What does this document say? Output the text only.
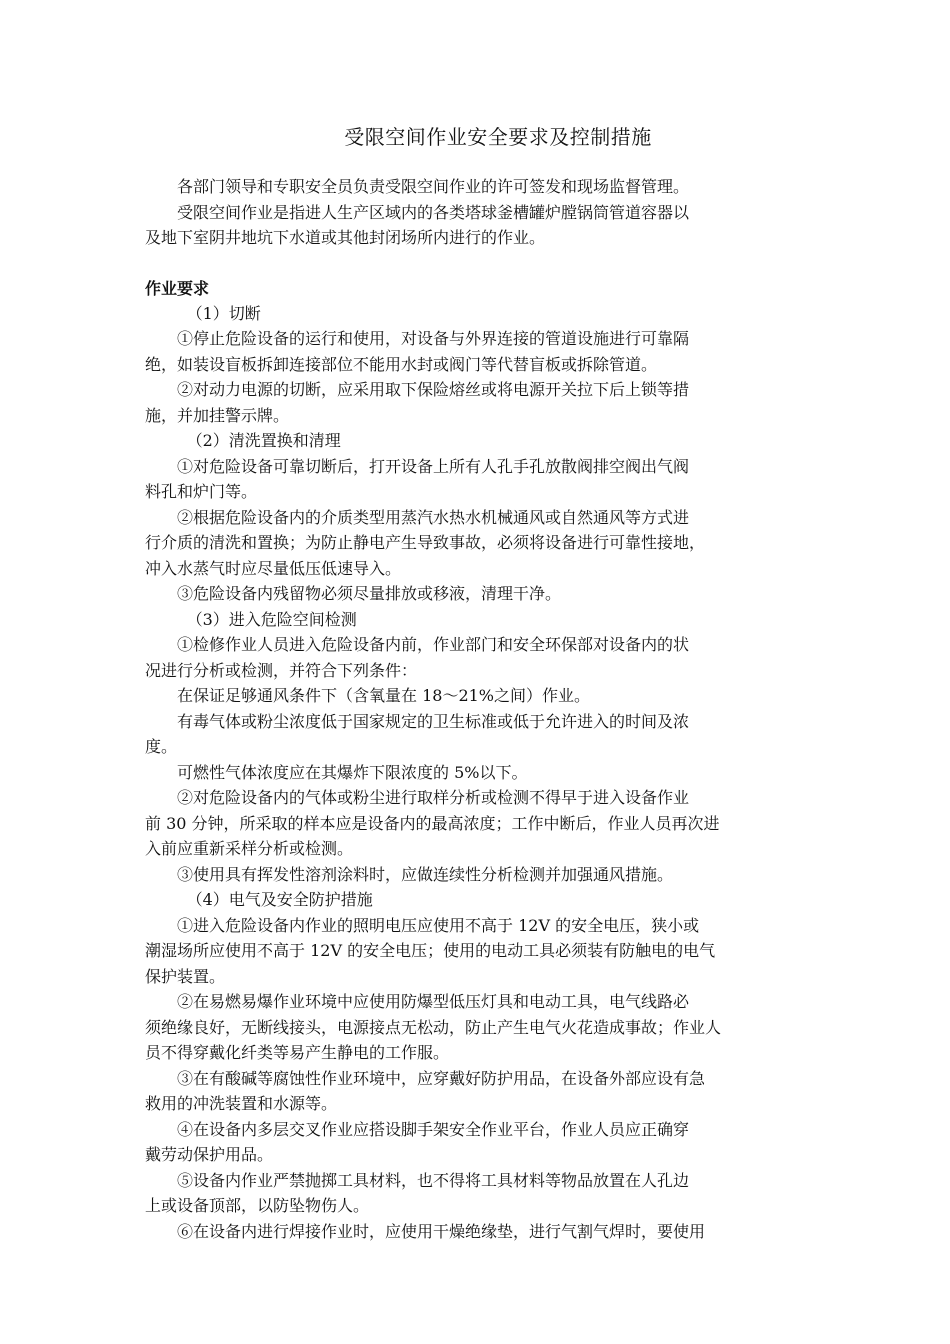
受限空间作业安全要求及控制措施

各部门领导和专职安全员负责受限空间作业的许可签发和现场监督管理。

受限空间作业是指进人生产区域内的各类塔球釜槽罐炉膛锅筒管道容器以

及地下室阴井地坑下水道或其他封闭场所内进行的作业。

作业要求

（1）切断

①停止危险设备的运行和使用，对设备与外界连接的管道设施进行可靠隔

绝，如装设盲板拆卸连接部位不能用水封或阀门等代替盲板或拆除管道。

②对动力电源的切断，应采用取下保险熔丝或将电源开关拉下后上锁等措

施，并加挂警示牌。

（2）清洗置换和清理

①对危险设备可靠切断后，打开设备上所有人孔手孔放散阀排空阀出气阀

料孔和炉门等。

②根据危险设备内的介质类型用蒸汽水热水机械通风或自然通风等方式进

行介质的清洗和置换；为防止静电产生导致事故，必须将设备进行可靠性接地，

冲入水蒸气时应尽量低压低速导入。

③危险设备内残留物必须尽量排放或移液，清理干净。

（3）进入危险空间检测

①检修作业人员进入危险设备内前，作业部门和安全环保部对设备内的状

况进行分析或检测，并符合下列条件：

在保证足够通风条件下（含氧量在 18～21%之间）作业。

有毒气体或粉尘浓度低于国家规定的卫生标准或低于允许进入的时间及浓

度。

可燃性气体浓度应在其爆炸下限浓度的 5%以下。

②对危险设备内的气体或粉尘进行取样分析或检测不得早于进入设备作业

前 30 分钟，所采取的样本应是设备内的最高浓度；工作中断后，作业人员再次进

入前应重新采样分析或检测。

③使用具有挥发性溶剂涂料时，应做连续性分析检测并加强通风措施。

（4）电气及安全防护措施

①进入危险设备内作业的照明电压应使用不高于 12V 的安全电压，狭小或

潮湿场所应使用不高于 12V 的安全电压；使用的电动工具必须装有防触电的电气

保护装置。

②在易燃易爆作业环境中应使用防爆型低压灯具和电动工具，电气线路必

须绝缘良好，无断线接头，电源接点无松动，防止产生电气火花造成事故；作业人

员不得穿戴化纤类等易产生静电的工作服。

③在有酸碱等腐蚀性作业环境中，应穿戴好防护用品，在设备外部应设有急

救用的冲洗装置和水源等。

④在设备内多层交叉作业应搭设脚手架安全作业平台，作业人员应正确穿

戴劳动保护用品。

⑤设备内作业严禁抛掷工具材料，也不得将工具材料等物品放置在人孔边

上或设备顶部，以防坠物伤人。

⑥在设备内进行焊接作业时，应使用干燥绝缘垫，进行气割气焊时，要使用
